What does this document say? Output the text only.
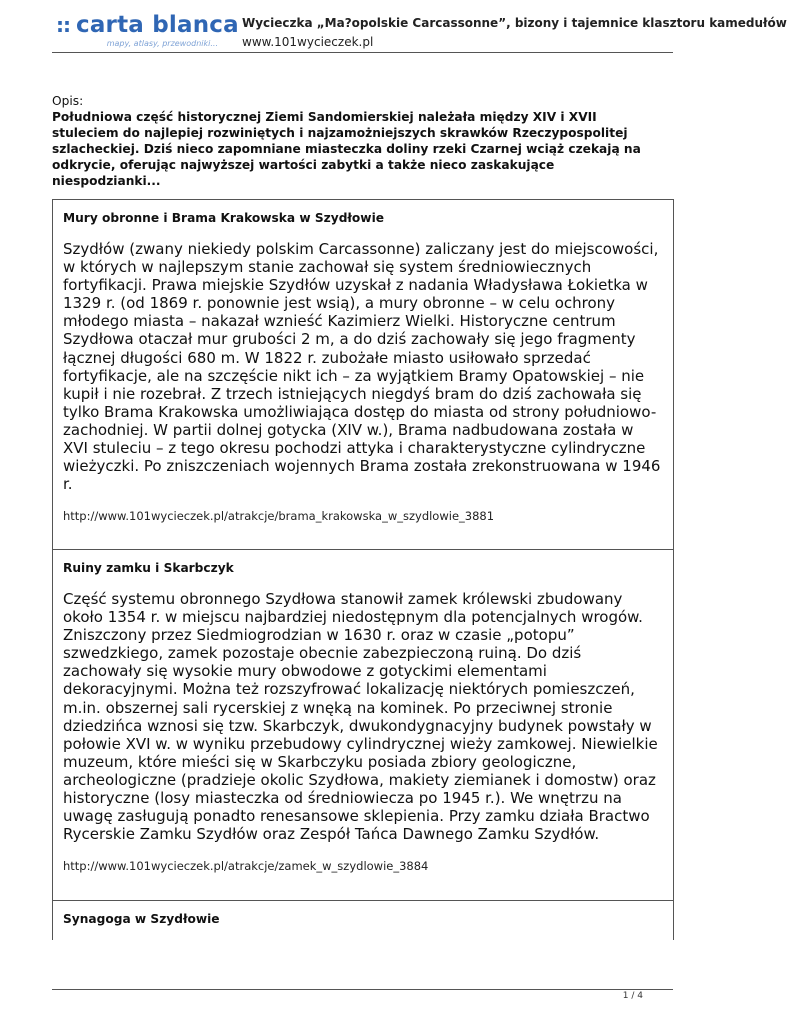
:: carta blanca
mapy, atlasy, przewodniki...
Wycieczka „Ma?opolskie Carcassonne”, bizony i tajemnice klasztoru kamedułów
www.101wycieczek.pl
Opis:
Południowa część historycznej Ziemi Sandomierskiej należała między XIV i XVII stuleciem do najlepiej rozwiniętych i najzamożniejszych skrawków Rzeczypospolitej szlacheckiej. Dziś nieco zapomniane miasteczka doliny rzeki Czarnej wciąż czekają na odkrycie, oferując najwyższej wartości zabytki a także nieco zaskakujące niespodzianki...

Mury obronne i Brama Krakowska w Szydłowie

Szydłów (zwany niekiedy polskim Carcassonne) zaliczany jest do miejscowości, w których w najlepszym stanie zachował się system średniowiecznych fortyfikacji. Prawa miejskie Szydłów uzyskał z nadania Władysława Łokietka w 1329 r. (od 1869 r. ponownie jest wsią), a mury obronne – w celu ochrony młodego miasta – nakazał wznieść Kazimierz Wielki. Historyczne centrum Szydłowa otaczał mur grubości 2 m, a do dziś zachowały się jego fragmenty łącznej długości 680 m. W 1822 r. zubożałe miasto usiłowało sprzedać fortyfikacje, ale na szczęście nikt ich – za wyjątkiem Bramy Opatowskiej – nie kupił i nie rozebrał. Z trzech istniejących niegdyś bram do dziś zachowała się tylko Brama Krakowska umożliwiająca dostęp do miasta od strony południowo-zachodniej. W partii dolnej gotycka (XIV w.), Brama nadbudowana została w XVI stuleciu – z tego okresu pochodzi attyka i charakterystyczne cylindryczne wieżyczki. Po zniszczeniach wojennych Brama została zrekonstruowana w 1946 r.

http://www.101wycieczek.pl/atrakcje/brama_krakowska_w_szydlowie_3881

Ruiny zamku i Skarbczyk

Część systemu obronnego Szydłowa stanowił zamek królewski zbudowany około 1354 r. w miejscu najbardziej niedostępnym dla potencjalnych wrogów. Zniszczony przez Siedmiogrodzian w 1630 r. oraz w czasie „potopu” szwedzkiego, zamek pozostaje obecnie zabezpieczoną ruiną. Do dziś zachowały się wysokie mury obwodowe z gotyckimi elementami dekoracyjnymi. Można też rozszyfrować lokalizację niektórych pomieszczeń, m.in. obszernej sali rycerskiej z wnęką na kominek. Po przeciwnej stronie dziedzińca wznosi się tzw. Skarbczyk, dwukondygnacyjny budynek powstały w połowie XVI w. w wyniku przebudowy cylindrycznej wieży zamkowej. Niewielkie muzeum, które mieści się w Skarbczyku posiada zbiory geologiczne, archeologiczne (pradzieje okolic Szydłowa, makiety ziemianek i domostw) oraz historyczne (losy miasteczka od średniowiecza po 1945 r.). We wnętrzu na uwagę zasługują ponadto renesansowe sklepienia. Przy zamku działa Bractwo Rycerskie Zamku Szydłów oraz Zespół Tańca Dawnego Zamku Szydłów.

http://www.101wycieczek.pl/atrakcje/zamek_w_szydlowie_3884

Synagoga w Szydłowie

1 / 4
